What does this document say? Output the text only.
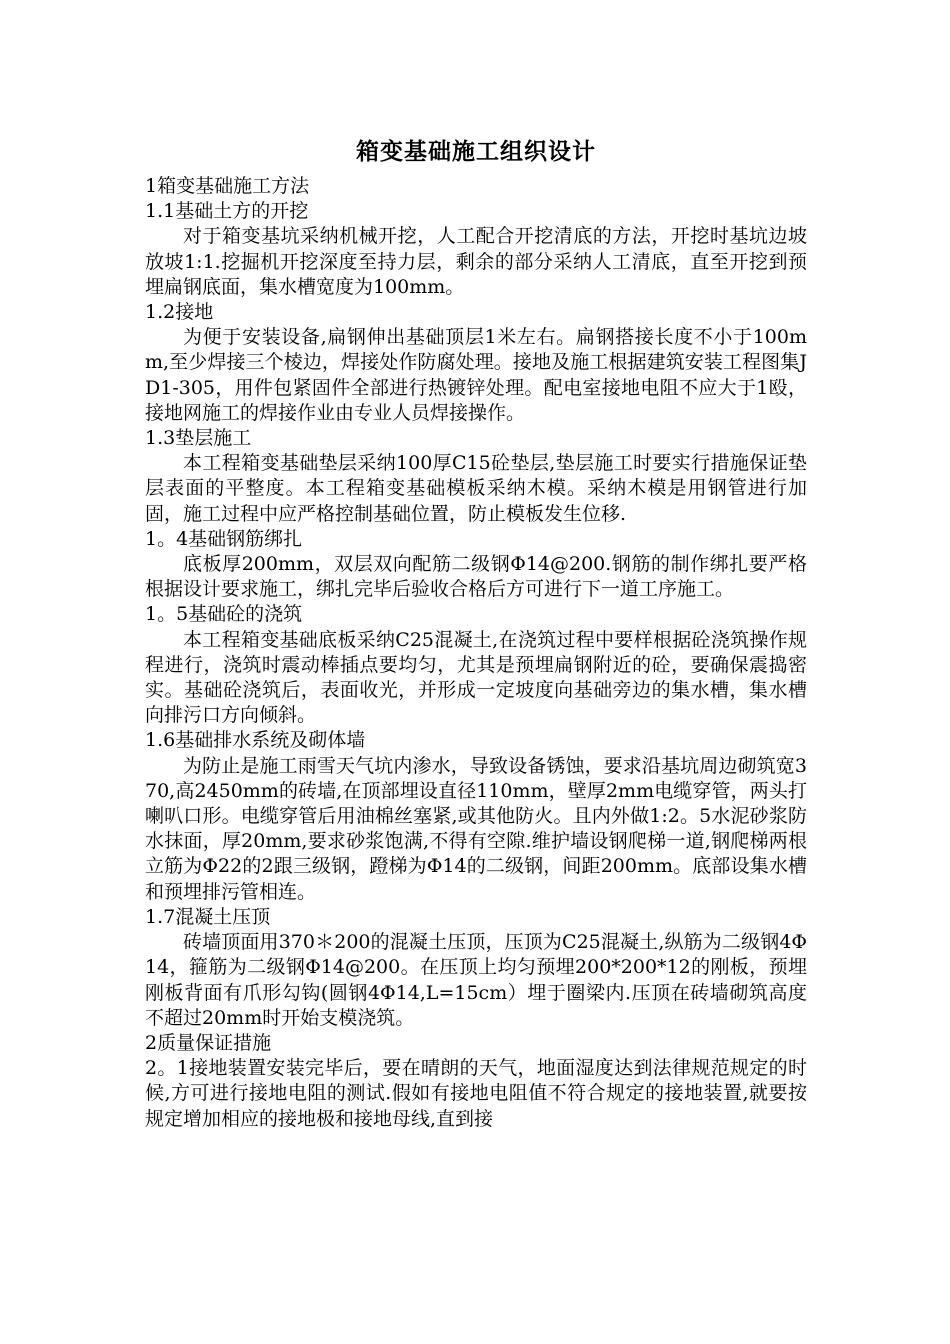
箱变基础施工组织设计
1箱变基础施工方法
1.1基础土方的开挖
对于箱变基坑采纳机械开挖，人工配合开挖清底的方法，开挖时基坑边坡放坡1:1.挖掘机开挖深度至持力层，剩余的部分采纳人工清底，直至开挖到预埋扁钢底面，集水槽宽度为100mm。
1.2接地
为便于安装设备,扁钢伸出基础顶层1米左右。扁钢搭接长度不小于100mm,至少焊接三个棱边，焊接处作防腐处理。接地及施工根据建筑安装工程图集JD1-305，用件包紧固件全部进行热镀锌处理。配电室接地电阻不应大于1殴，接地网施工的焊接作业由专业人员焊接操作。
1.3垫层施工
本工程箱变基础垫层采纳100厚C15砼垫层,垫层施工时要实行措施保证垫层表面的平整度。本工程箱变基础模板采纳木模。采纳木模是用钢管进行加固，施工过程中应严格控制基础位置，防止模板发生位移.
1。4基础钢筋绑扎
底板厚200mm，双层双向配筋二级钢Φ14@200.钢筋的制作绑扎要严格根据设计要求施工，绑扎完毕后验收合格后方可进行下一道工序施工。
1。5基础砼的浇筑
本工程箱变基础底板采纳C25混凝土,在浇筑过程中要样根据砼浇筑操作规程进行，浇筑时震动棒插点要均匀，尤其是预埋扁钢附近的砼，要确保震捣密实。基础砼浇筑后，表面收光，并形成一定坡度向基础旁边的集水槽，集水槽向排污口方向倾斜。
1.6基础排水系统及砌体墙
为防止是施工雨雪天气坑内渗水，导致设备锈蚀，要求沿基坑周边砌筑宽370,高2450mm的砖墙,在顶部埋设直径110mm，壁厚2mm电缆穿管，两头打 喇叭口形。电缆穿管后用油棉丝塞紧,或其他防火。且内外做1:2。5水泥砂浆防水抹面，厚20mm,要求砂浆饱满,不得有空隙.维护墙设钢爬梯一道,钢爬梯两根立筋为Φ22的2跟三级钢，蹬梯为Φ14的二级钢，间距200mm。底部设集水槽和预埋排污管相连。
1.7混凝土压顶
砖墙顶面用370＊200的混凝土压顶，压顶为C25混凝土,纵筋为二级钢4Φ14，箍筋为二级钢Φ14@200。在压顶上均匀预埋200*200*12的刚板，预埋刚板背面有爪形勾钩(圆钢4Φ14,L=15cm）埋于圈梁内.压顶在砖墙砌筑高度不超过20mm时开始支模浇筑。
2质量保证措施
2。1接地装置安装完毕后，要在晴朗的天气，地面湿度达到法律规范规定的时候,方可进行接地电阻的测试.假如有接地电阻值不符合规定的接地装置,就要按规定增加相应的接地极和接地母线,直到接
